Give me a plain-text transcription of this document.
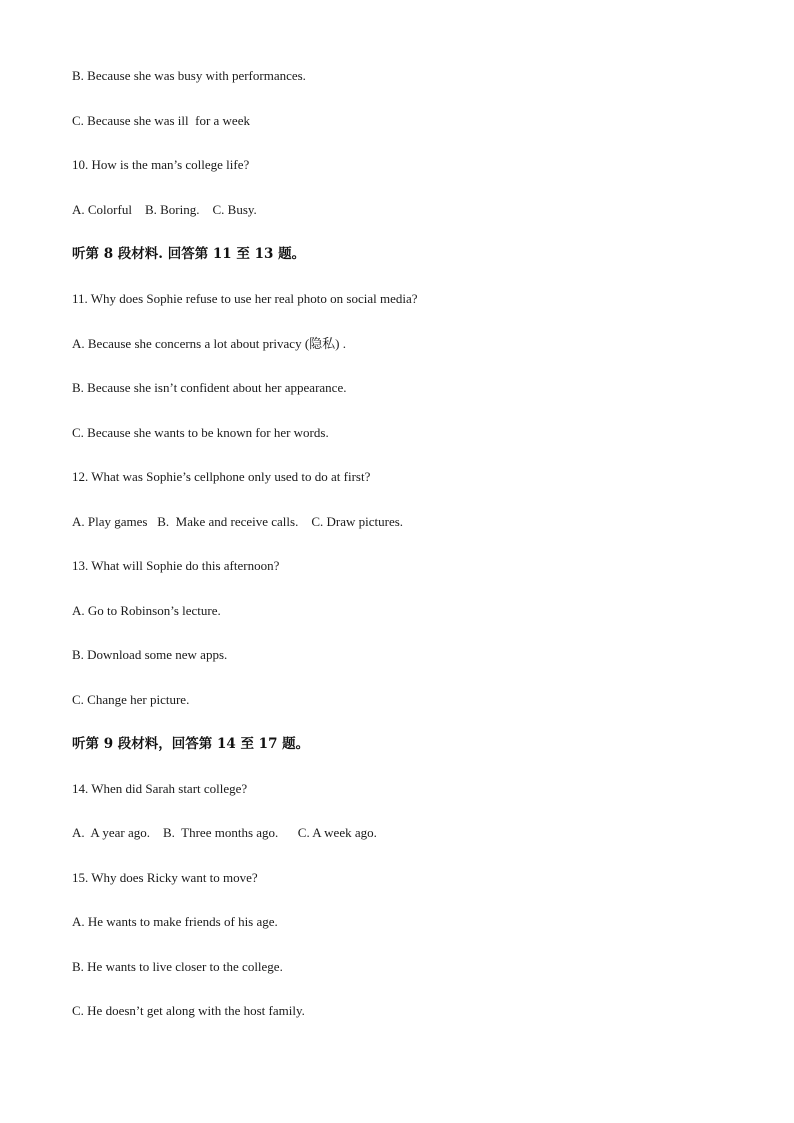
B. Because she was busy with performances.
C. Because she was ill  for a week
10. How is the man’s college life?
A. Colorful    B. Boring.    C. Busy.
听第 8 段材料. 回答第 11 至 13 题。
11. Why does Sophie refuse to use her real photo on social media?
A. Because she concerns a lot about privacy (隐私) .
B. Because she isn’t confident about her appearance.
C. Because she wants to be known for her words.
12. What was Sophie’s cellphone only used to do at first?
A. Play games   B.  Make and receive calls.    C. Draw pictures.
13. What will Sophie do this afternoon?
A. Go to Robinson’s lecture.
B. Download some new apps.
C. Change her picture.
听第 9 段材料，回答第 14 至 17 题。
14. When did Sarah start college?
A.  A year ago.    B.  Three months ago.      C. A week ago.
15. Why does Ricky want to move?
A. He wants to make friends of his age.
B. He wants to live closer to the college.
C. He doesn’t get along with the host family.
